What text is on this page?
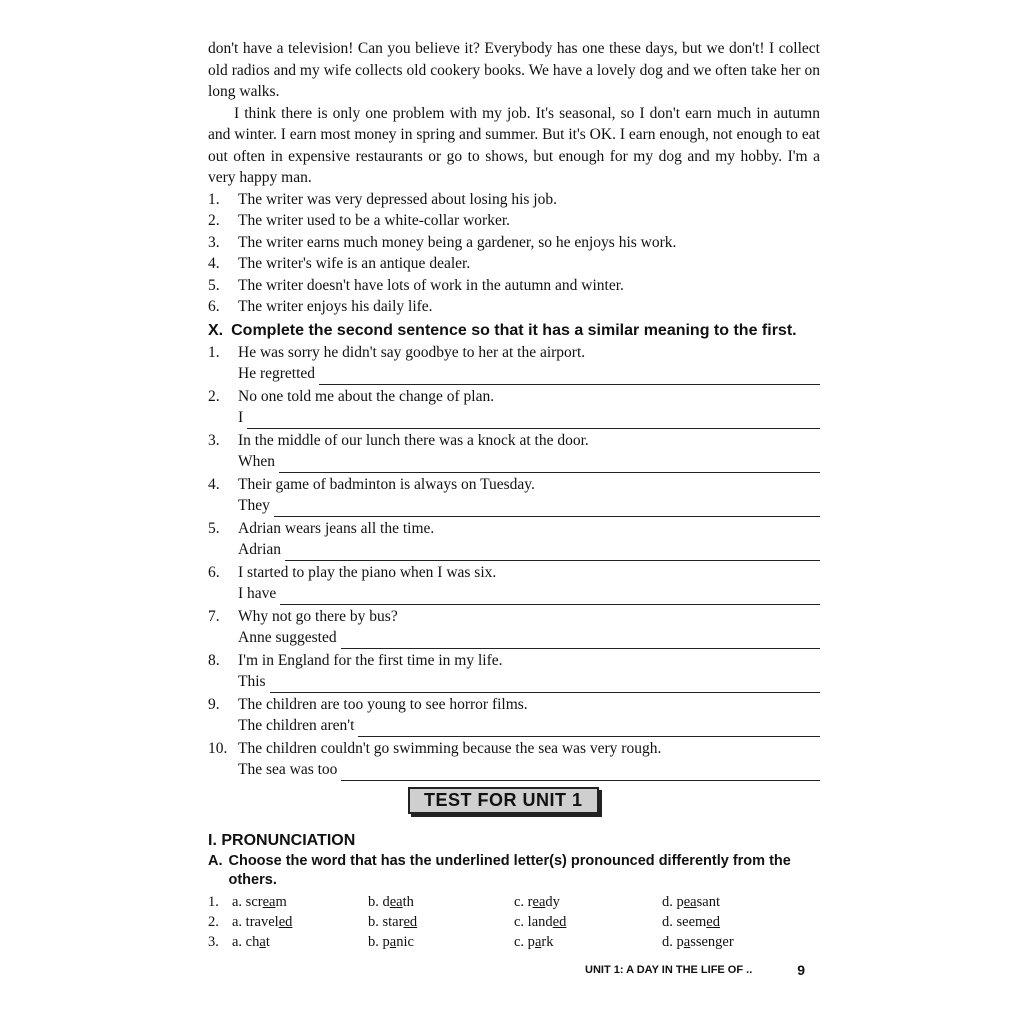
don't have a television! Can you believe it? Everybody has one these days, but we don't! I collect old radios and my wife collects old cookery books. We have a lovely dog and we often take her on long walks.

I think there is only one problem with my job. It's seasonal, so I don't earn much in autumn and winter. I earn most money in spring and summer. But it's OK. I earn enough, not enough to eat out often in expensive restaurants or go to shows, but enough for my dog and my hobby. I'm a very happy man.

1.	The writer was very depressed about losing his job.
2.	The writer used to be a white-collar worker.
3.	The writer earns much money being a gardener, so he enjoys his work.
4.	The writer's wife is an antique dealer.
5.	The writer doesn't have lots of work in the autumn and winter.
6.	The writer enjoys his daily life.
X. Complete the second sentence so that it has a similar meaning to the first.
1.	He was sorry he didn't say goodbye to her at the airport.
He regretted
2.	No one told me about the change of plan.
I
3.	In the middle of our lunch there was a knock at the door.
When
4.	Their game of badminton is always on Tuesday.
They
5.	Adrian wears jeans all the time.
Adrian
6.	I started to play the piano when I was six.
I have
7.	Why not go there by bus?
Anne suggested
8.	I'm in England for the first time in my life.
This
9.	The children are too young to see horror films.
The children aren't
10. The children couldn't go swimming because the sea was very rough.
The sea was too
TEST FOR UNIT 1
I. PRONUNCIATION
A. Choose the word that has the underlined letter(s) pronounced differently from the others.
1. a. scream	b. death	c. ready	d. peasant
2. a. traveled	b. stared	c. landed	d. seemed
3. a. chat	b. panic	c. park	d. passenger
UNIT 1: A DAY IN THE LIFE OF ..	9
